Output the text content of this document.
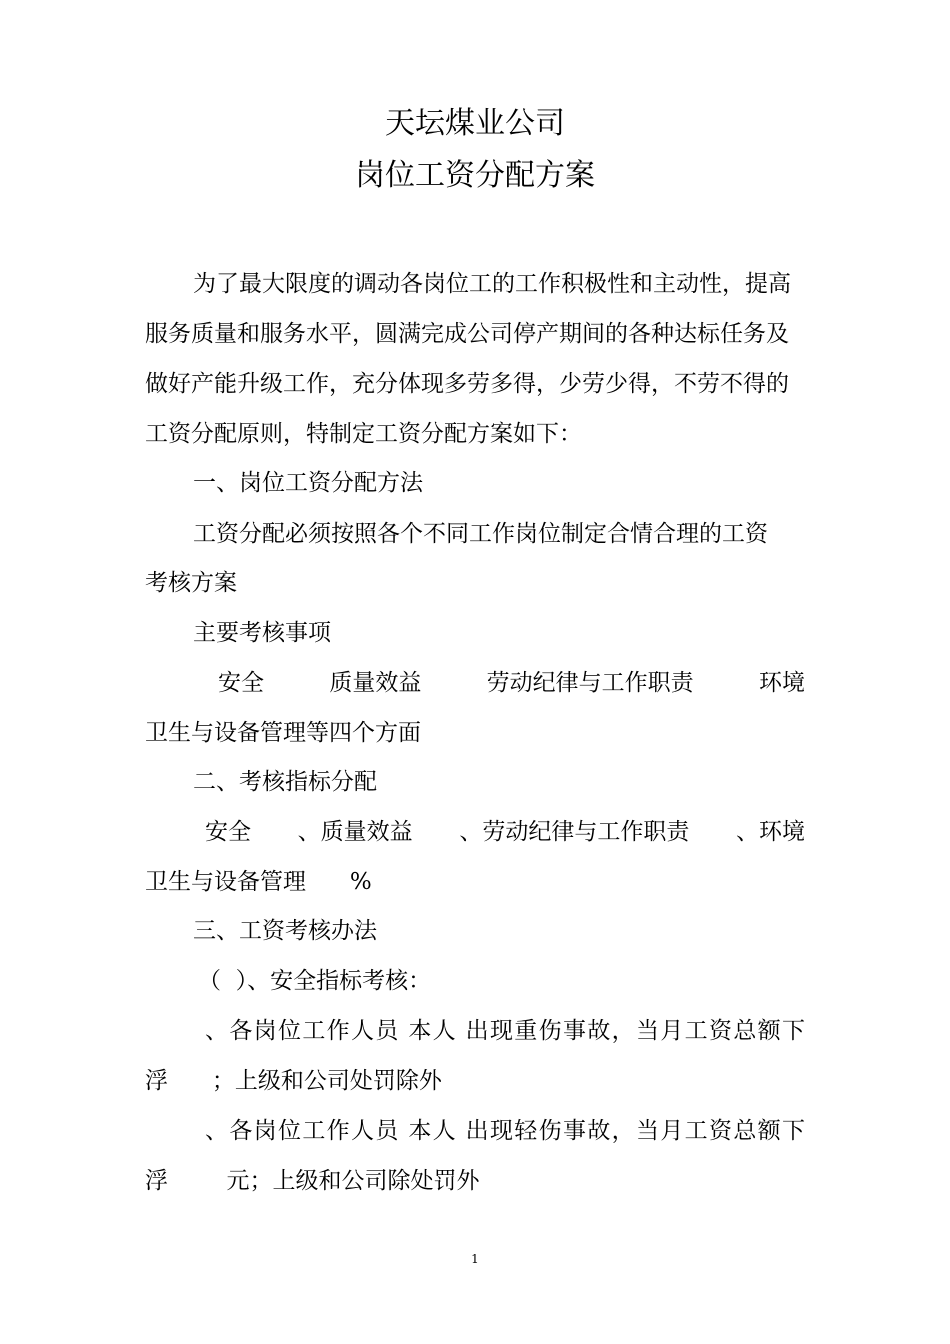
天坛煤业公司
岗位工资分配方案
为了最大限度的调动各岗位工的工作积极性和主动性，提高
服务质量和服务水平，圆满完成公司停产期间的各种达标任务及
做好产能升级工作，充分体现多劳多得，少劳少得，不劳不得的
工资分配原则，特制定工资分配方案如下：
一、岗位工资分配方法
工资分配必须按照各个不同工作岗位制定合情合理的工资
考核方案
主要考核事项
安全	质量效益	劳动纪律与工作职责	环境
卫生与设备管理等四个方面
二、考核指标分配
安全 、质量效益 、劳动纪律与工作职责 、环境
卫生与设备管理      %
三、工资考核办法
（  ）、安全指标考核：
、各岗位工作人员 本人 出现重伤事故，当月工资总额下
浮      ；上级和公司处罚除外
、各岗位工作人员 本人 出现轻伤事故，当月工资总额下
浮        元；上级和公司除处罚外
1
